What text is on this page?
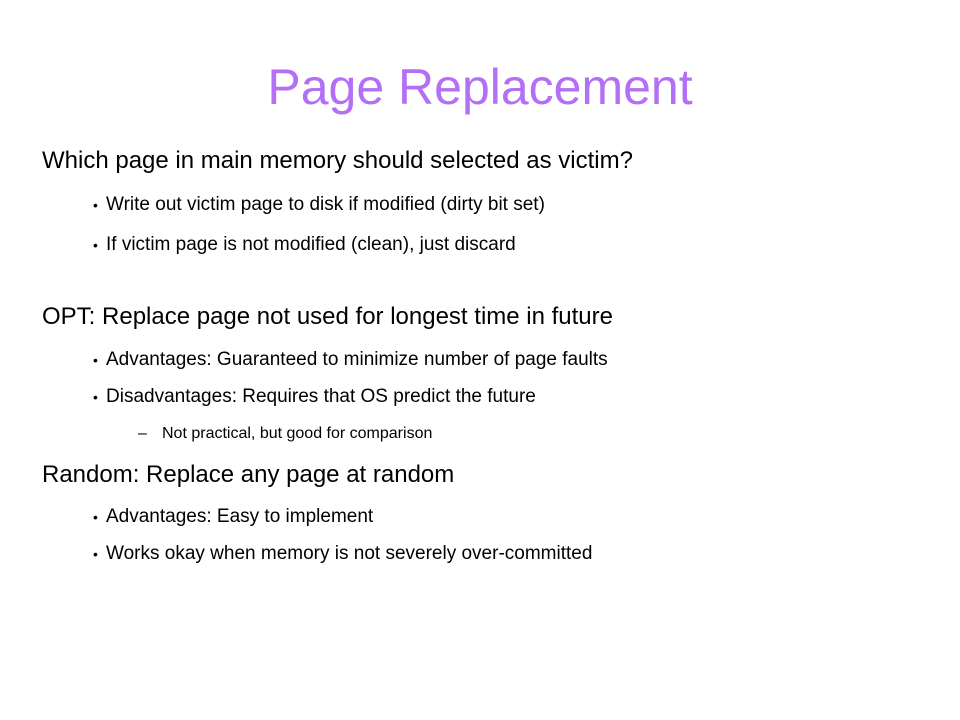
Page Replacement
Which page in main memory should selected as victim?
• Write out victim page to disk if modified (dirty bit set)
• If victim page is not modified (clean), just discard
OPT: Replace page not used for longest time in future
• Advantages: Guaranteed to minimize number of page faults
• Disadvantages: Requires that OS predict the future
– Not practical, but good for comparison
Random: Replace any page at random
• Advantages: Easy to implement
• Works okay when memory is not severely over-committed
